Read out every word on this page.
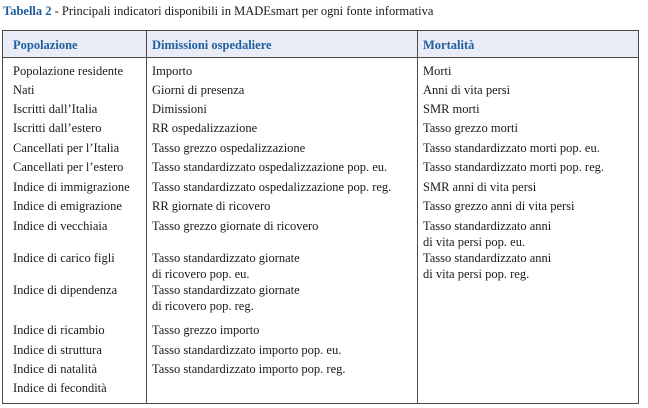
Tabella 2 - Principali indicatori disponibili in MADEsmart per ogni fonte informativa
Popolazione	Dimissioni ospedaliere	Mortalità
Popolazione residente
Nati
Iscritti dall’Italia
Iscritti dall’estero
Cancellati per l’Italia
Cancellati per l’estero
Indice di immigrazione
Indice di emigrazione
Indice di vecchiaia
Indice di carico figli
Indice di dipendenza
Indice di ricambio
Indice di struttura
Indice di natalità
Indice di fecondità
Importo
Giorni di presenza
Dimissioni
RR ospedalizzazione
Tasso grezzo ospedalizzazione
Tasso standardizzato ospedalizzazione pop. eu.
Tasso standardizzato ospedalizzazione pop. reg.
RR giornate di ricovero
Tasso grezzo giornate di ricovero
Tasso standardizzato giornate
di ricovero pop. eu.
Tasso standardizzato giornate
di ricovero pop. reg.
Tasso grezzo importo
Tasso standardizzato importo pop. eu.
Tasso standardizzato importo pop. reg.
Morti
Anni di vita persi
SMR morti
Tasso grezzo morti
Tasso standardizzato morti pop. eu.
Tasso standardizzato morti pop. reg.
SMR anni di vita persi
Tasso grezzo anni di vita persi
Tasso standardizzato anni
di vita persi pop. eu.
Tasso standardizzato anni
di vita persi pop. reg.
